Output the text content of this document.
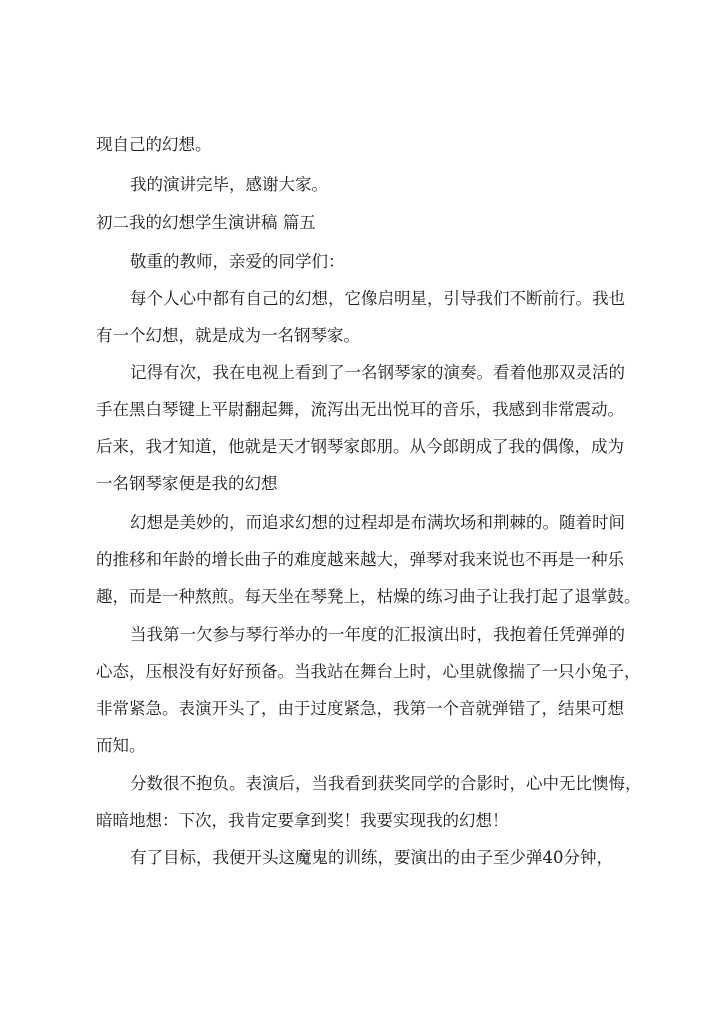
现自己的幻想。
我的演讲完毕，感谢大家。
初二我的幻想学生演讲稿 篇五
敬重的教师，亲爱的同学们：
每个人心中都有自己的幻想，它像启明星，引导我们不断前行。我也
有一个幻想，就是成为一名钢琴家。
记得有次，我在电视上看到了一名钢琴家的演奏。看着他那双灵活的
手在黑白琴键上平尉翻起舞，流泻出无出悦耳的音乐，我感到非常震动。
后来，我才知道，他就是天才钢琴家郎朋。从今郎朗成了我的偶像，成为
一名钢琴家便是我的幻想
幻想是美妙的，而追求幻想的过程却是布满坎场和荆棘的。随着时间
的推移和年龄的增长曲子的难度越来越大，弹琴对我来说也不再是一种乐
趣，而是一种熬煎。每天坐在琴凳上，枯燥的练习曲子让我打起了退掌鼓。
当我第一欠参与琴行举办的一年度的汇报演出时，我抱着任凭弹弹的
心态，压根没有好好预备。当我站在舞台上时，心里就像揣了一只小兔子，
非常紧急。表演开头了，由于过度紧急，我第一个音就弹错了，结果可想
而知。
分数很不抱负。表演后，当我看到获奖同学的合影时，心中无比懊悔，
暗暗地想：下次，我肯定要拿到奖！我要实现我的幻想！
有了目标，我便开头这魔鬼的训练，要演出的由子至少弹40分钟，
